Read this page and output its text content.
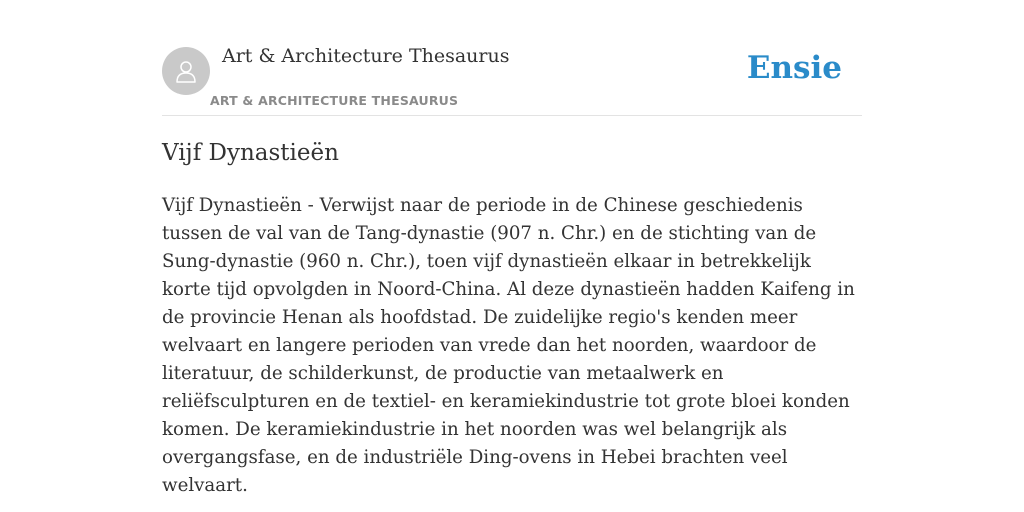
Art & Architecture Thesaurus
ART & ARCHITECTURE THESAURUS
Ensie
Vijf Dynastieën

Vijf Dynastieën - Verwijst naar de periode in de Chinese geschiedenis tussen de val van de Tang-dynastie (907 n. Chr.) en de stichting van de Sung-dynastie (960 n. Chr.), toen vijf dynastieën elkaar in betrekkelijk korte tijd opvolgden in Noord-China. Al deze dynastieën hadden Kaifeng in de provincie Henan als hoofdstad. De zuidelijke regio's kenden meer welvaart en langere perioden van vrede dan het noorden, waardoor de literatuur, de schilderkunst, de productie van metaalwerk en reliëfsculpturen en de textiel- en keramiekindustrie tot grote bloei konden komen. De keramiekindustrie in het noorden was wel belangrijk als overgangsfase, en de industriële Ding-ovens in Hebei brachten veel welvaart.
